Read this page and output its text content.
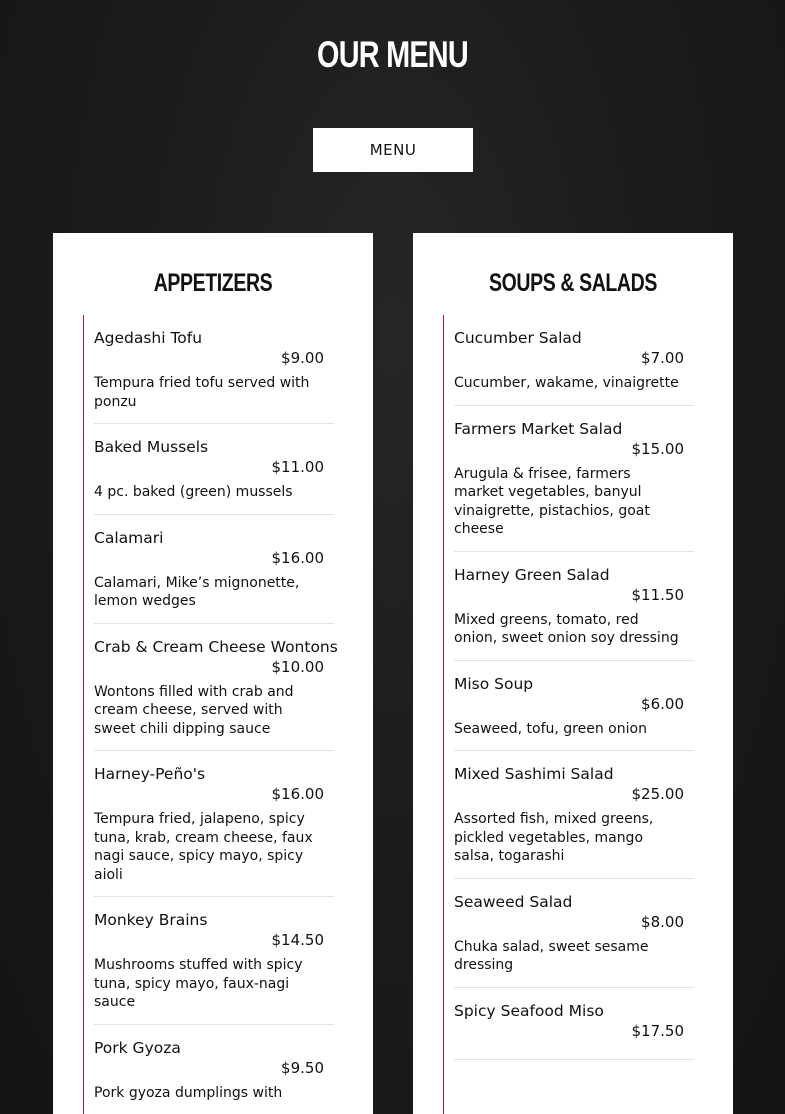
OUR MENU
MENU
APPETIZERS
Agedashi Tofu
$9.00
Tempura fried tofu served with ponzu
Baked Mussels
$11.00
4 pc. baked (green) mussels
Calamari
$16.00
Calamari, Mike’s mignonette, lemon wedges
Crab & Cream Cheese Wontons
$10.00
Wontons filled with crab and cream cheese, served with sweet chili dipping sauce
Harney-Peño's
$16.00
Tempura fried, jalapeno, spicy tuna, krab, cream cheese, faux nagi sauce, spicy mayo, spicy aioli
Monkey Brains
$14.50
Mushrooms stuffed with spicy tuna, spicy mayo, faux-nagi sauce
Pork Gyoza
$9.50
Pork gyoza dumplings with
SOUPS & SALADS
Cucumber Salad
$7.00
Cucumber, wakame, vinaigrette
Farmers Market Salad
$15.00
Arugula & frisee, farmers market vegetables, banyul vinaigrette, pistachios, goat cheese
Harney Green Salad
$11.50
Mixed greens, tomato, red onion, sweet onion soy dressing
Miso Soup
$6.00
Seaweed, tofu, green onion
Mixed Sashimi Salad
$25.00
Assorted fish, mixed greens, pickled vegetables, mango salsa, togarashi
Seaweed Salad
$8.00
Chuka salad, sweet sesame dressing
Spicy Seafood Miso
$17.50
